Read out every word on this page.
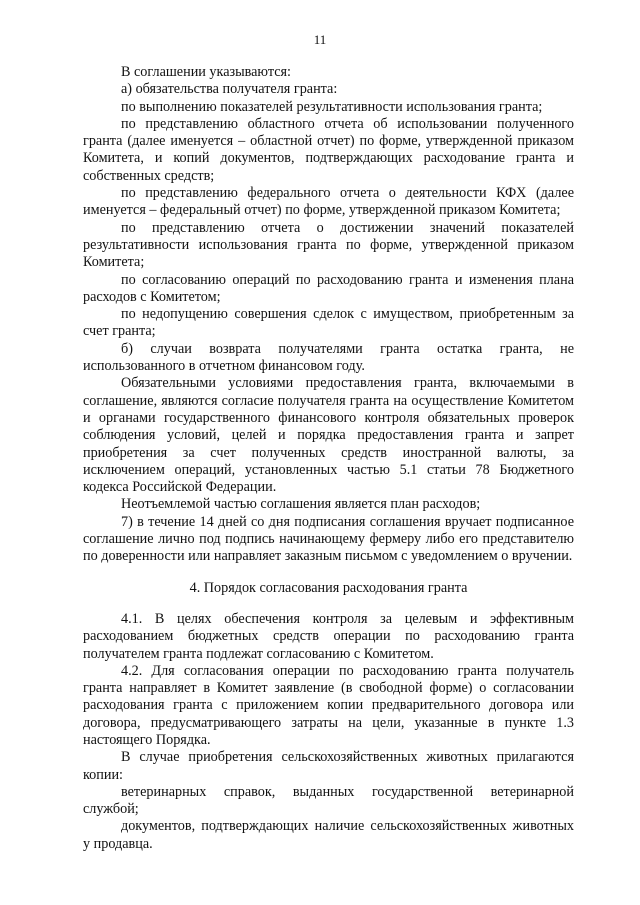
11

В соглашении указываются:

а) обязательства получателя гранта:

по выполнению показателей результативности использования гранта;

по представлению областного отчета об использовании полученного гранта (далее именуется – областной отчет) по форме, утвержденной приказом Комитета, и копий документов, подтверждающих расходование гранта и собственных средств;

по представлению федерального отчета о деятельности КФХ (далее именуется – федеральный отчет) по форме, утвержденной приказом Комитета;

по представлению отчета о достижении значений показателей результативности использования гранта по форме, утвержденной приказом Комитета;

по согласованию операций по расходованию гранта и изменения плана расходов с Комитетом;

по недопущению совершения сделок с имуществом, приобретенным за счет гранта;

б) случаи возврата получателями гранта остатка гранта, не использованного в отчетном финансовом году.

Обязательными условиями предоставления гранта, включаемыми в соглашение, являются согласие получателя гранта на осуществление Комитетом и органами государственного финансового контроля обязательных проверок соблюдения условий, целей и порядка предоставления гранта и запрет приобретения за счет полученных средств иностранной валюты, за исключением операций, установленных частью 5.1 статьи 78 Бюджетного кодекса Российской Федерации.

Неотъемлемой частью соглашения является план расходов;

7) в течение 14 дней со дня подписания соглашения вручает подписанное соглашение лично под подпись начинающему фермеру либо его представителю по доверенности или направляет заказным письмом с уведомлением о вручении.

4. Порядок согласования расходования гранта

4.1. В целях обеспечения контроля за целевым и эффективным расходованием бюджетных средств операции по расходованию гранта получателем гранта подлежат согласованию с Комитетом.

4.2. Для согласования операции по расходованию гранта получатель гранта направляет в Комитет заявление (в свободной форме) о согласовании расходования гранта с приложением копии предварительного договора или договора, предусматривающего затраты на цели, указанные в пункте 1.3 настоящего Порядка.

В случае приобретения сельскохозяйственных животных прилагаются копии:

ветеринарных справок, выданных государственной ветеринарной службой;

документов, подтверждающих наличие сельскохозяйственных животных у продавца.
